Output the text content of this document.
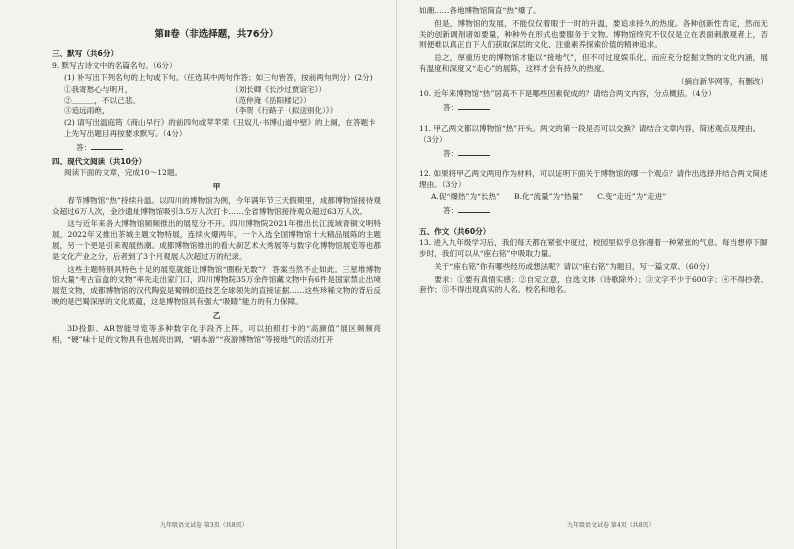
第Ⅱ卷（非选择题，共76分）
三、默写（共6分）
9. 默写古诗文中的名篇名句。（6分）
(1) 补写出下列名句的上句或下句。（任选其中两句作答；如三句皆答，按前两句判分）(2分)
①我寄愁心与明月，	（刘长卿《长沙过贾谊宅》）
②＿＿＿，不以己悲。	（范仲淹《岳阳楼记》）
③追远雨绝，	（李贺《行路子（拟送别化）》）
(2) 请写出温庭筠《商山早行》的前四句或苹苹荣《丑奴儿·书博山道中壁》的上阕，在答题卡上先写出题目再按要求默写。（4分）
答：
四、现代文阅读（共10分）
阅读下面的文章，完成10～12题。
甲
春节博物馆“热”持续升温。以四川的博物馆为例，今年满年节三天假期里，成都博物馆接待观众超过6万人次，金沙遗址博物馆吸引3.5万人次打卡……全省博物馆接待观众超过63万人次。
这与近年来各大博物馆频频推出的展览分不开。四川博物院2021年推出长江流域青铜文明特展，2022年又推出茶城主题文物特展，连续火爆两年，一个入选全国博物馆十大精品展陈的主题展，另一个更是引来观展热潮。成都博物馆推出的看大刹艺术大秀展等与数字化博物馆展览等也都是文化产业之分，后者到了3个月观展人次超过万的纪录。
这些主题特别具特色十足的展览就能让博物馆“圈粉无数”？ 答案当然不止如此。三星堆博物馆大量“考古盲盒的文物”率先走出家门口，四川博物院35万余件馆藏文物中有6件是国家禁止出境展览文物，成都博物馆的汉代陶瓷是蜀锦织造技艺全球领先的直接证据……这些珍稀文物的背后反映的是巴蜀深厚的文化底蕴，这是博物馆具有强大“吸睛”能力的有力保障。
乙
3D投影、AR智能导览等多种数字化手段齐上阵，可以拍照打卡的“高颜值”展区频频亮相，“硬”味十足的文物具有也展亮出调，“刷本游”“夜游博物馆”等接地气的活动打开
九年级语文试卷 第3页（共8页）
如潮……各地博物馆简直“热”爆了。
但是，博物馆的发展，不能仅仅着眼于一时的升温，要追求持久的热度。各种创新性肯定，然而无关的创新调剂诸如要量，种种外在形式也要服务于文物。博物馆终究不仅仅是立在表面刺激观者上，否则便难以真正自下人们获取深层的文化、注重素养探索价值的精神追求。
总之，厚重历史的博物馆才能以“接地气”，但不可过度娱乐化，而应充分挖掘文物的文化内涵，展有温度和深度又“走心”的展陈，这样才会有持久的热度。
（摘自新华网等，有删改）
10. 近年来博物馆“热”居高不下是哪些因素促成的？请结合两文内容，分点概括。（4分）
答：
11. 甲乙两文都以博物馆“热”开头。两文的第一段是否可以交换？请结合文章内容，简述观点及理由。（3分）
答：
12. 如果将甲乙两文两用作为材料，可以证明下面关于博物馆的哪一个观点？请作出选择并结合两文简述理由。（3分）
A.促“爆热”为“长热” B.化“流量”为“热量” C.变“走近”为“走进”
答：
五、作文（共60分）
13. 进入九年级学习后，我们每天都在紧张中度过，校园里似乎总弥漫着一种紧张的气息。每当想停下脚步时，我们可以从“座右铭”中吸取力量。
关于“座右铭”你有哪些经历或想法呢？请以“座右铭”为题目，写一篇文章。（60分）
要求：①要有真情实感；②自定立意，自选文体（诗歌除外）；③文字不少于600字；④不得抄袭、套作；⑤不得出现真实的人名、校名和地名。
九年级语文试卷 第4页（共8页）
